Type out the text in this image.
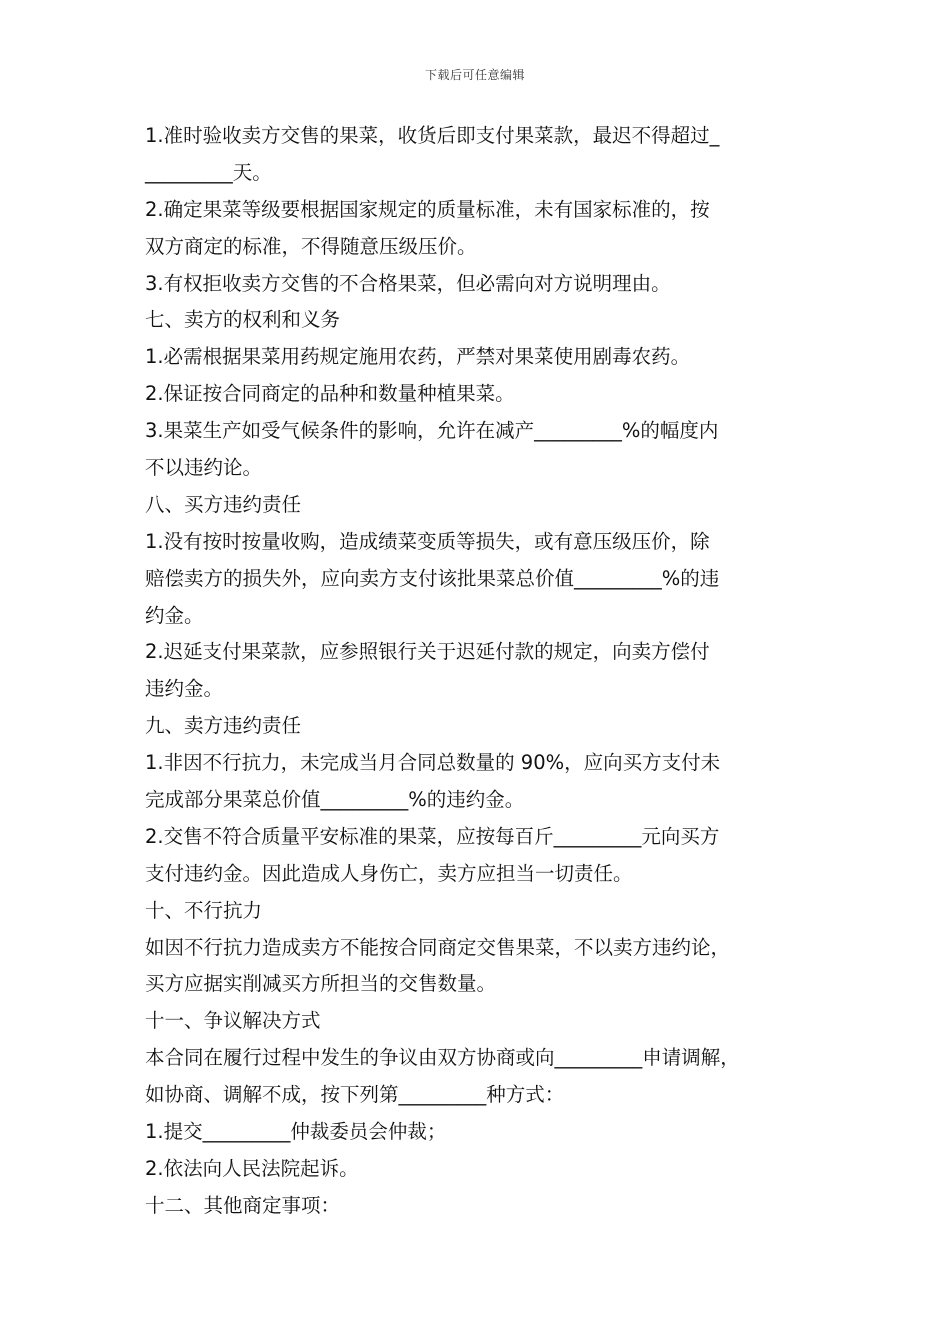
下载后可任意编辑
1.准时验收卖方交售的果菜，收货后即支付果菜款，最迟不得超过_
_________天。
2.确定果菜等级要根据国家规定的质量标准，未有国家标准的，按
双方商定的标准，不得随意压级压价。
3.有权拒收卖方交售的不合格果菜，但必需向对方说明理由。
七、卖方的权利和义务
1.必需根据果菜用药规定施用农药，严禁对果菜使用剧毒农药。
2.保证按合同商定的品种和数量种植果菜。
3.果菜生产如受气候条件的影响，允许在减产_________%的幅度内
不以违约论。
八、买方违约责任
1.没有按时按量收购，造成绩菜变质等损失，或有意压级压价，除
赔偿卖方的损失外，应向卖方支付该批果菜总价值_________%的违
约金。
2.迟延支付果菜款，应参照银行关于迟延付款的规定，向卖方偿付
违约金。
九、卖方违约责任
1.非因不行抗力，未完成当月合同总数量的 90%，应向买方支付未
完成部分果菜总价值_________%的违约金。
2.交售不符合质量平安标准的果菜，应按每百斤_________元向买方
支付违约金。因此造成人身伤亡，卖方应担当一切责任。
十、不行抗力
如因不行抗力造成卖方不能按合同商定交售果菜，不以卖方违约论，
买方应据实削减买方所担当的交售数量。
十一、争议解决方式
本合同在履行过程中发生的争议由双方协商或向_________申请调解，
如协商、调解不成，按下列第_________种方式：
1.提交_________仲裁委员会仲裁；
2.依法向人民法院起诉。
十二、其他商定事项：
